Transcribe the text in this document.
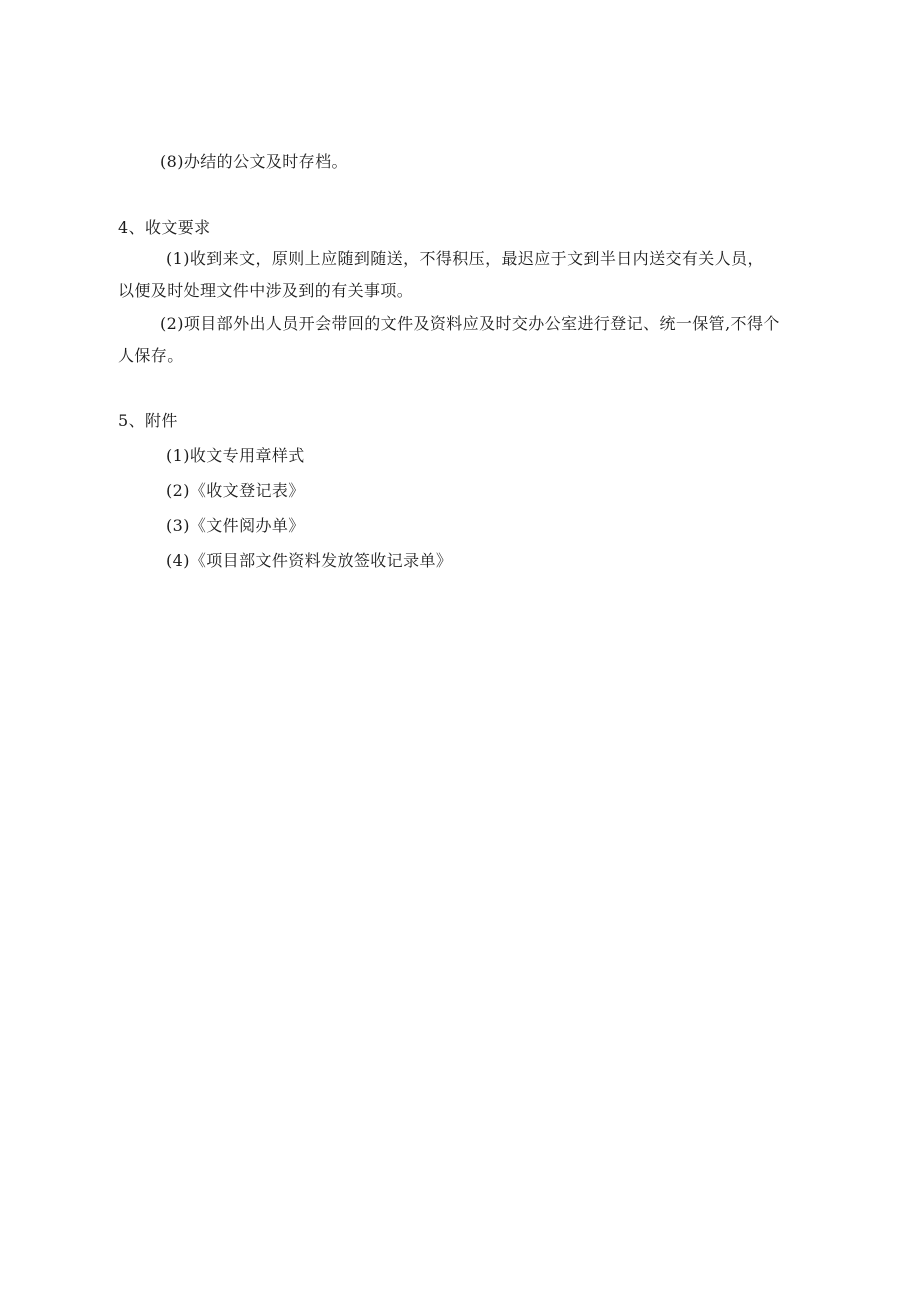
(8)办结的公文及时存档。
4、收文要求
(1)收到来文，原则上应随到随送，不得积压，最迟应于文到半日内送交有关人员，
以便及时处理文件中涉及到的有关事项。
(2)项目部外出人员开会带回的文件及资料应及时交办公室进行登记、统一保管,不得个
人保存。
5、附件
(1)收文专用章样式
(2)《收文登记表》
(3)《文件阅办单》
(4)《项目部文件资料发放签收记录单》
